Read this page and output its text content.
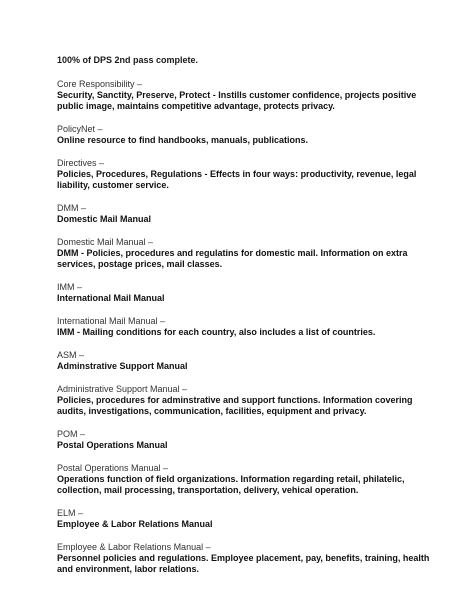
100% of DPS 2nd pass complete.

Core Responsibility –

Security, Sanctity, Preserve, Protect - Instills customer confidence, projects positive public image, maintains competitive advantage, protects privacy.

PolicyNet –

Online resource to find handbooks, manuals, publications.

Directives –

Policies, Procedures, Regulations - Effects in four ways: productivity, revenue, legal liability, customer service.

DMM –

Domestic Mail Manual

Domestic Mail Manual –

DMM - Policies, procedures and regulatins for domestic mail. Information on extra services, postage prices, mail classes.

IMM –

International Mail Manual

International Mail Manual –

IMM - Mailing conditions for each country, also includes a list of countries.

ASM –

Adminstrative Support Manual

Administrative Support Manual –

Policies, procedures for adminstrative and support functions. Information covering audits, investigations, communication, facilities, equipment and privacy.

POM –

Postal Operations Manual

Postal Operations Manual –

Operations function of field organizations. Information regarding retail, philatelic, collection, mail processing, transportation, delivery, vehical operation.

ELM –

Employee & Labor Relations Manual

Employee & Labor Relations Manual –

Personnel policies and regulations. Employee placement, pay, benefits, training, health and environment, labor relations.
